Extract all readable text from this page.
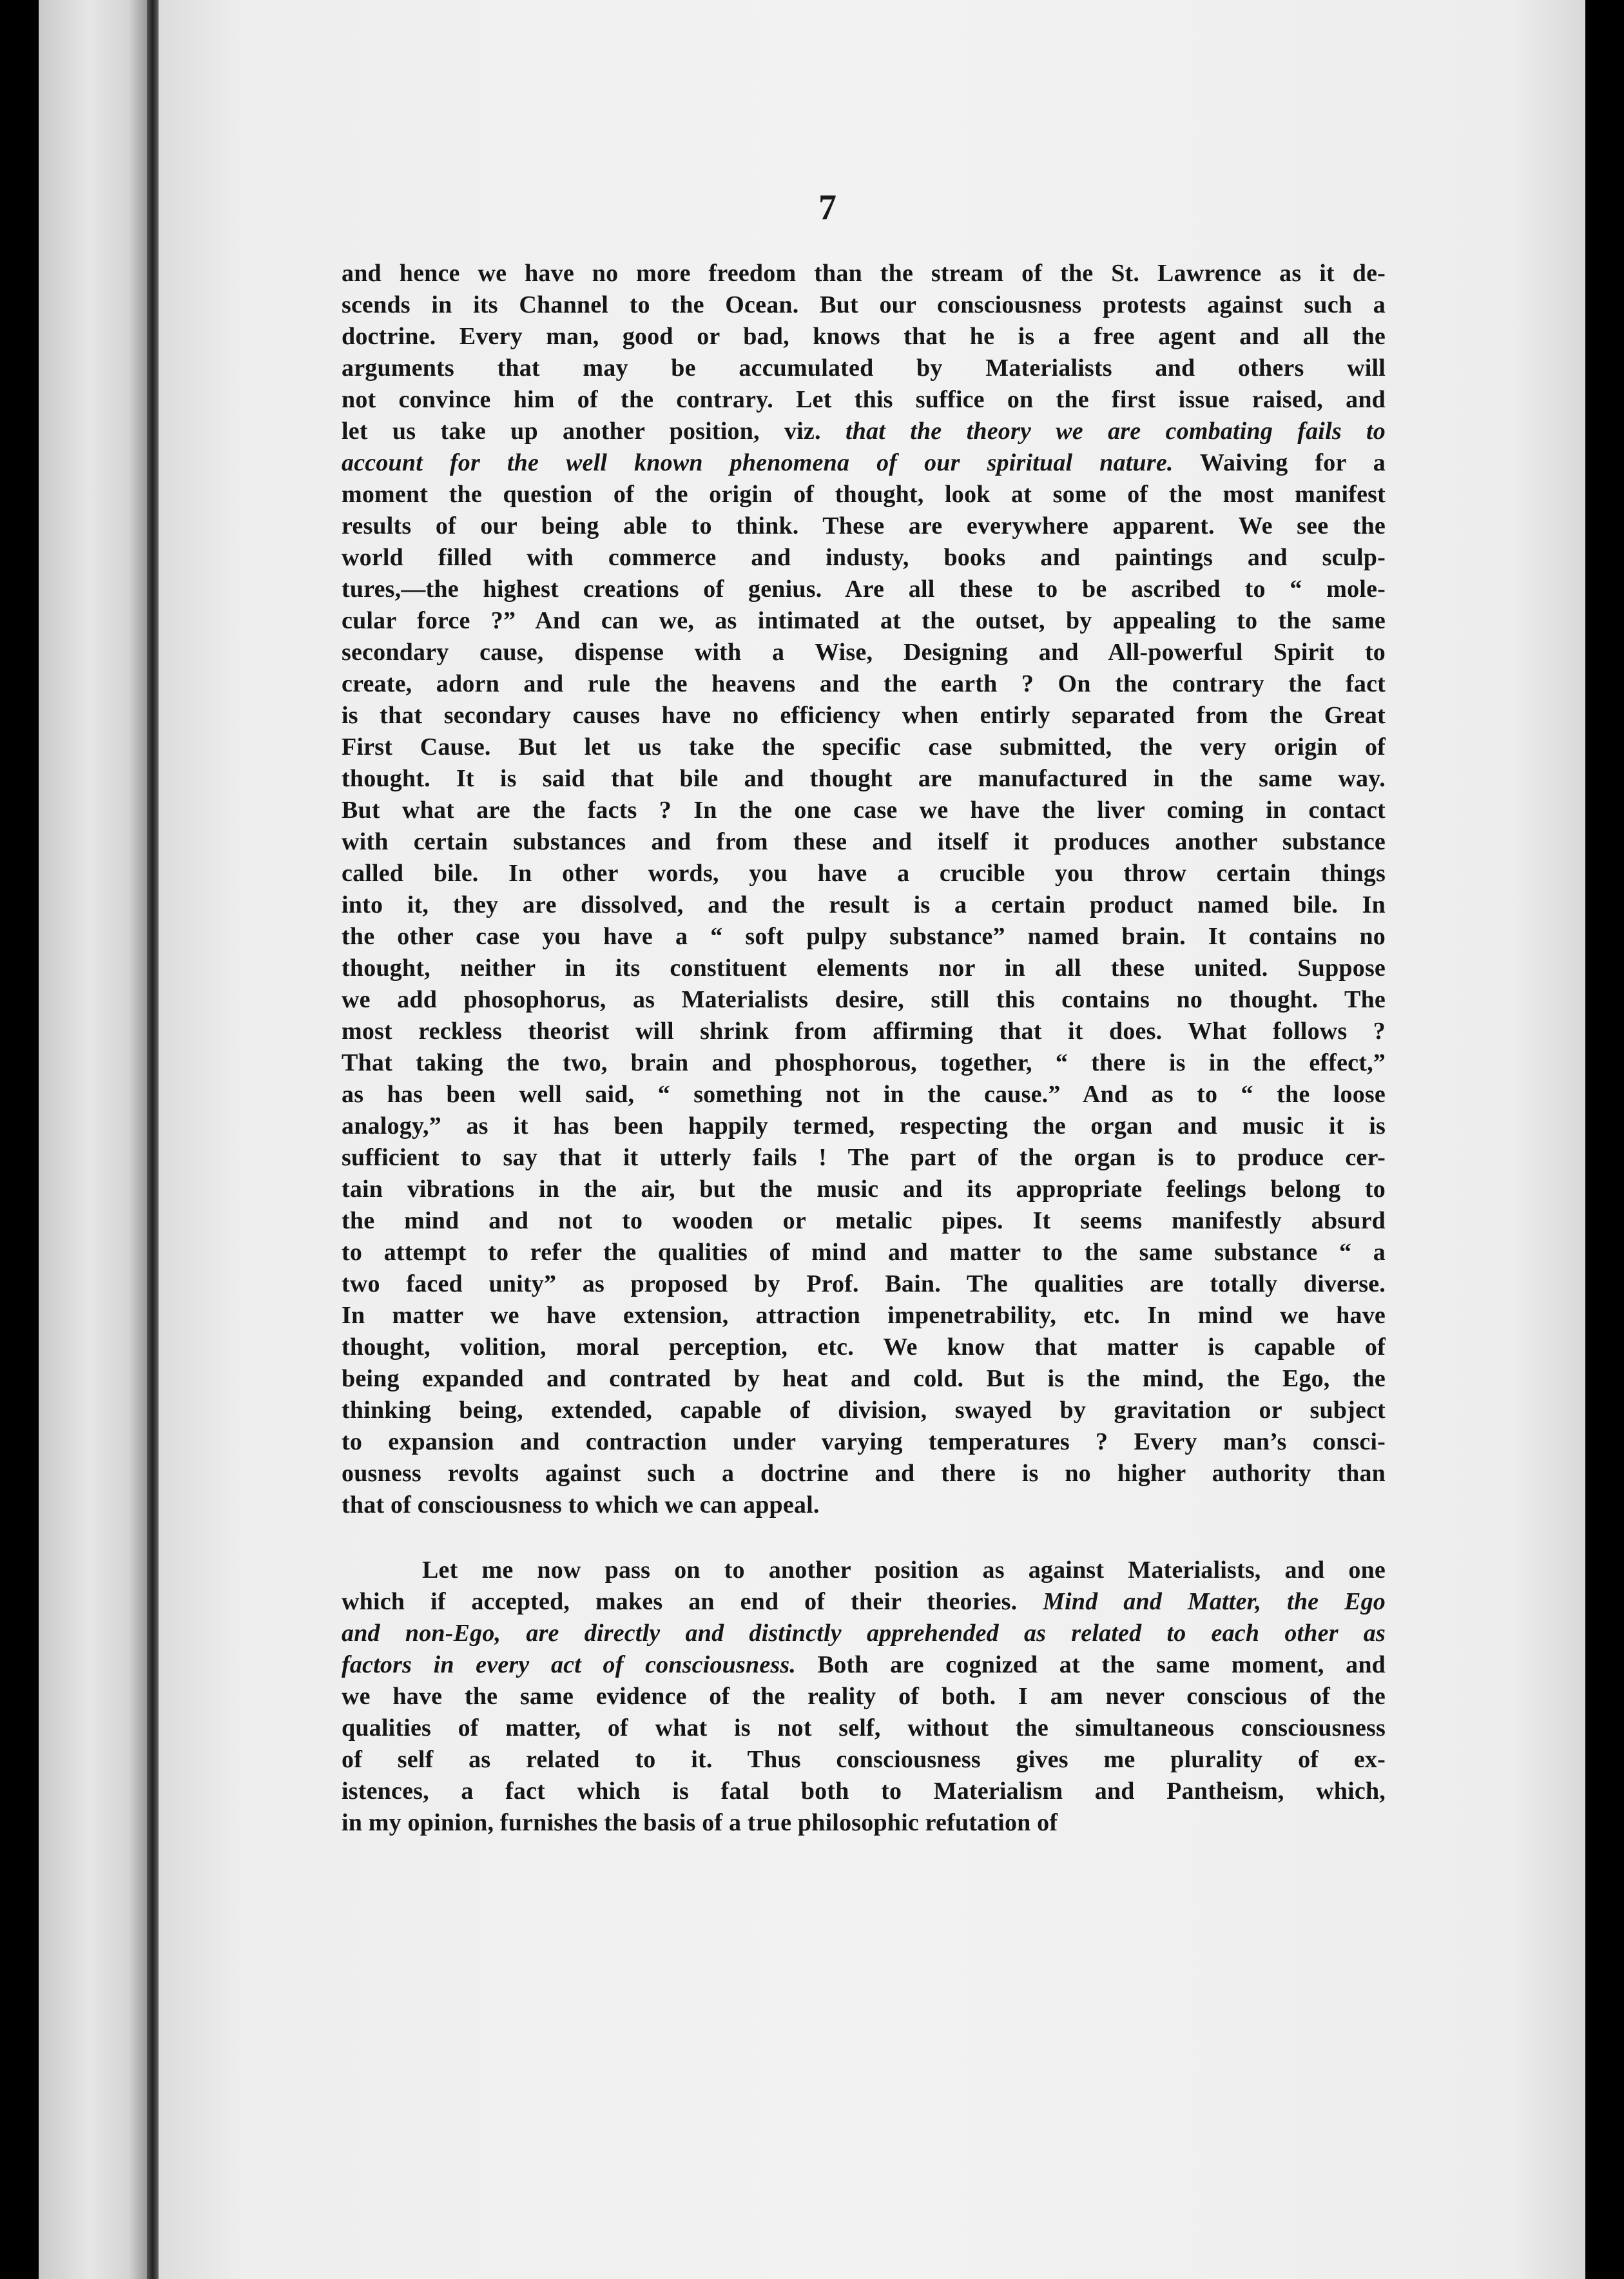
7
and hence we have no more freedom than the stream of the St. Lawrence as it de-
scends in its Channel to the Ocean. But our consciousness protests against such a
doctrine. Every man, good or bad, knows that he is a free agent and all the
arguments that may be accumulated by Materialists and others will
not convince him of the contrary. Let this suffice on the first issue raised, and
let us take up another position, viz. that the theory we are combating fails to
account for the well known phenomena of our spiritual nature. Waiving for a
moment the question of the origin of thought, look at some of the most manifest
results of our being able to think. These are everywhere apparent. We see the
world filled with commerce and industy, books and paintings and sculp-
tures,—the highest creations of genius. Are all these to be ascribed to “ mole-
cular force ?” And can we, as intimated at the outset, by appealing to the same
secondary cause, dispense with a Wise, Designing and All-powerful Spirit to
create, adorn and rule the heavens and the earth ? On the contrary the fact
is that secondary causes have no efficiency when entirly separated from the Great
First Cause. But let us take the specific case submitted, the very origin of
thought. It is said that bile and thought are manufactured in the same way.
But what are the facts ? In the one case we have the liver coming in contact
with certain substances and from these and itself it produces another substance
called bile. In other words, you have a crucible you throw certain things
into it, they are dissolved, and the result is a certain product named bile. In
the other case you have a “ soft pulpy substance” named brain. It contains no
thought, neither in its constituent elements nor in all these united. Suppose
we add phosophorus, as Materialists desire, still this contains no thought. The
most reckless theorist will shrink from affirming that it does. What follows ?
That taking the two, brain and phosphorous, together, “ there is in the effect,”
as has been well said, “ something not in the cause.” And as to “ the loose
analogy,” as it has been happily termed, respecting the organ and music it is
sufficient to say that it utterly fails ! The part of the organ is to produce cer-
tain vibrations in the air, but the music and its appropriate feelings belong to
the mind and not to wooden or metalic pipes. It seems manifestly absurd
to attempt to refer the qualities of mind and matter to the same substance “ a
two faced unity” as proposed by Prof. Bain. The qualities are totally diverse.
In matter we have extension, attraction impenetrability, etc. In mind we have
thought, volition, moral perception, etc. We know that matter is capable of
being expanded and contrated by heat and cold. But is the mind, the Ego, the
thinking being, extended, capable of division, swayed by gravitation or subject
to expansion and contraction under varying temperatures ? Every man’s consci-
ousness revolts against such a doctrine and there is no higher authority than
that of consciousness to which we can appeal.
Let me now pass on to another position as against Materialists, and one
which if accepted, makes an end of their theories. Mind and Matter, the Ego
and non-Ego, are directly and distinctly apprehended as related to each other as
factors in every act of consciousness. Both are cognized at the same moment, and
we have the same evidence of the reality of both. I am never conscious of the
qualities of matter, of what is not self, without the simultaneous consciousness
of self as related to it. Thus consciousness gives me plurality of ex-
istences, a fact which is fatal both to Materialism and Pantheism, which,
in my opinion, furnishes the basis of a true philosophic refutation of
